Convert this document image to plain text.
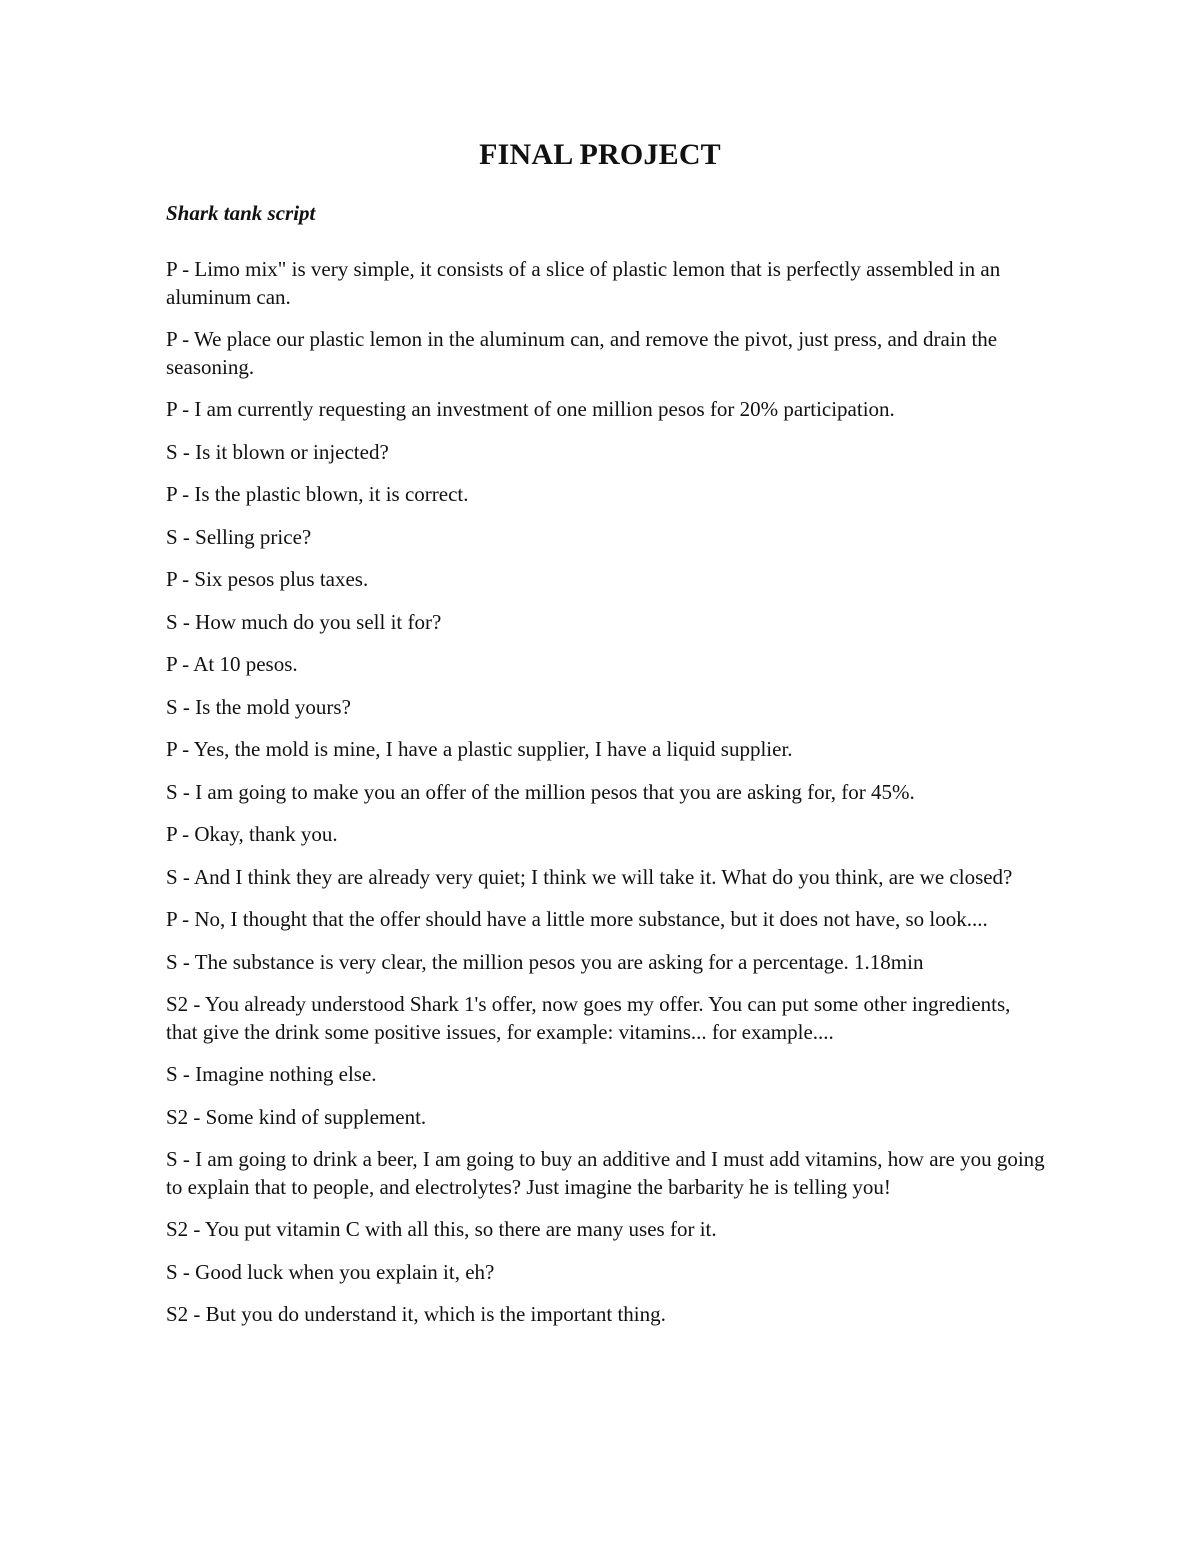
FINAL PROJECT
Shark tank script

P - Limo mix" is very simple, it consists of a slice of plastic lemon that is perfectly assembled in an aluminum can.

P - We place our plastic lemon in the aluminum can, and remove the pivot, just press, and drain the seasoning.

P - I am currently requesting an investment of one million pesos for 20% participation.

S - Is it blown or injected?

P - Is the plastic blown, it is correct.

S - Selling price?

P - Six pesos plus taxes.

S - How much do you sell it for?

P - At 10 pesos.

S - Is the mold yours?

P - Yes, the mold is mine, I have a plastic supplier, I have a liquid supplier.

S - I am going to make you an offer of the million pesos that you are asking for, for 45%.

P - Okay, thank you.

S - And I think they are already very quiet; I think we will take it. What do you think, are we closed?

P - No, I thought that the offer should have a little more substance, but it does not have, so look....

S - The substance is very clear, the million pesos you are asking for a percentage. 1.18min

S2 - You already understood Shark 1's offer, now goes my offer. You can put some other ingredients, that give the drink some positive issues, for example: vitamins... for example....

S - Imagine nothing else.

S2 - Some kind of supplement.

S - I am going to drink a beer, I am going to buy an additive and I must add vitamins, how are you going to explain that to people, and electrolytes? Just imagine the barbarity he is telling you!

S2 - You put vitamin C with all this, so there are many uses for it.

S - Good luck when you explain it, eh?

S2 - But you do understand it, which is the important thing.
